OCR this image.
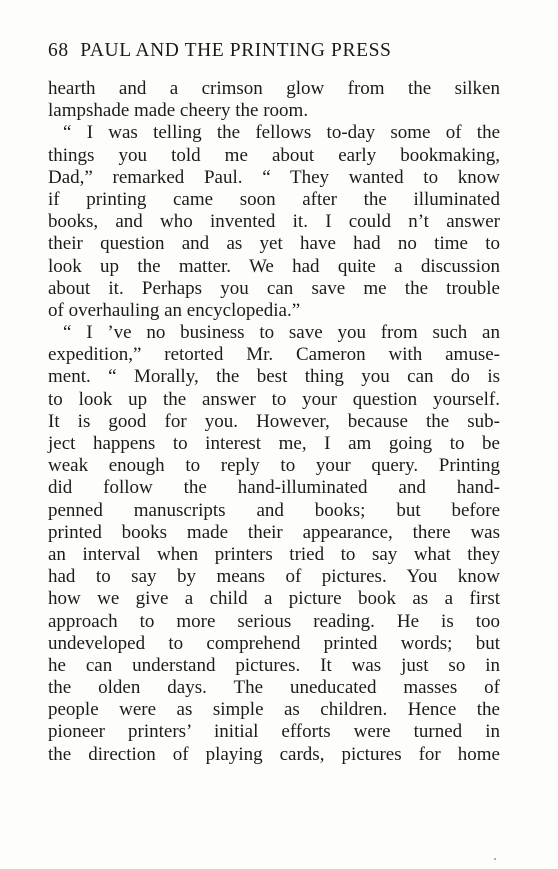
68 PAUL AND THE PRINTING PRESS
hearth and a crimson glow from the silken
lampshade made cheery the room.
“ I was telling the fellows to-day some of the
things you told me about early bookmaking,
Dad,” remarked Paul. “ They wanted to know
if printing came soon after the illuminated
books, and who invented it. I could n’t answer
their question and as yet have had no time to
look up the matter. We had quite a discussion
about it. Perhaps you can save me the trouble
of overhauling an encyclopedia.”
“ I ’ve no business to save you from such an
expedition,” retorted Mr. Cameron with amuse-
ment. “ Morally, the best thing you can do is
to look up the answer to your question yourself.
It is good for you. However, because the sub-
ject happens to interest me, I am going to be
weak enough to reply to your query. Printing
did follow the hand-illuminated and hand-
penned manuscripts and books; but before
printed books made their appearance, there was
an interval when printers tried to say what they
had to say by means of pictures. You know
how we give a child a picture book as a first
approach to more serious reading. He is too
undeveloped to comprehend printed words; but
he can understand pictures. It was just so in
the olden days. The uneducated masses of
people were as simple as children. Hence the
pioneer printers’ initial efforts were turned in
the direction of playing cards, pictures for home
